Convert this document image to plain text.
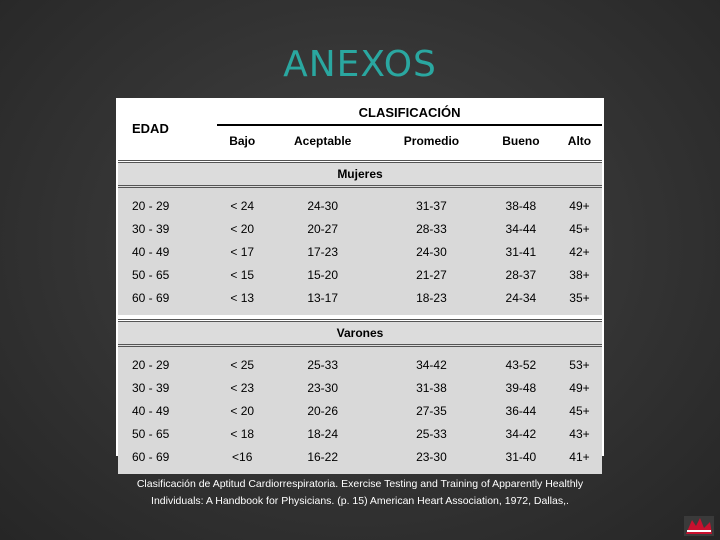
ANEXOS
EDAD	CLASIFICACIÓN				
	Bajo	Aceptable	Promedio	Bueno	Alto

Mujeres					

20 - 29	< 24	24-30	31-37	38-48	49+
30 - 39	< 20	20-27	28-33	34-44	45+
40 - 49	< 17	17-23	24-30	31-41	42+
50 - 65	< 15	15-20	21-27	28-37	38+
60 - 69	< 13	13-17	18-23	24-34	35+

Varones					

20 - 29	< 25	25-33	34-42	43-52	53+
30 - 39	< 23	23-30	31-38	39-48	49+
40 - 49	< 20	20-26	27-35	36-44	45+
50 - 65	< 18	18-24	25-33	34-42	43+
60 - 69	<16	16-22	23-30	31-40	41+

Clasificación de Aptitud Cardiorrespiratoria. Exercise Testing and Training of Apparently Healthly
Individuals: A Handbook for Physicians. (p. 15) American Heart Association, 1972, Dallas,.
